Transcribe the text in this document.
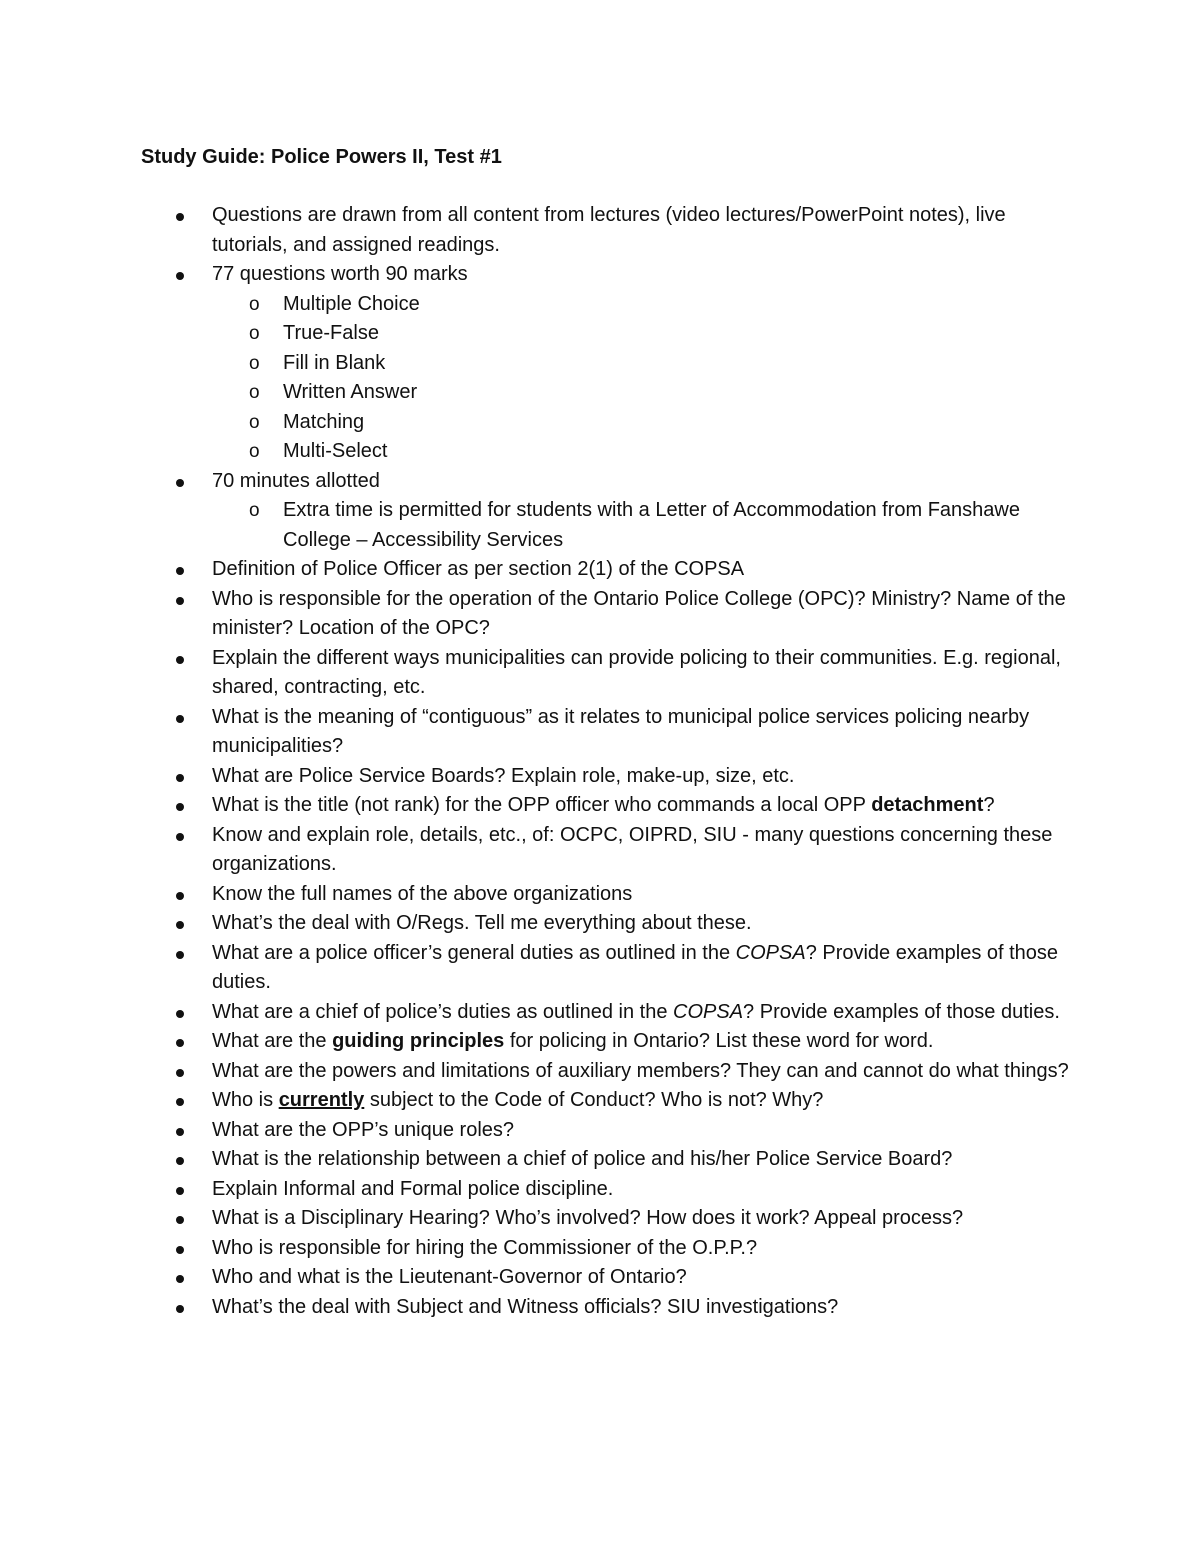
Study Guide: Police Powers II, Test #1
Questions are drawn from all content from lectures (video lectures/PowerPoint notes), live tutorials, and assigned readings.
77 questions worth 90 marks
o Multiple Choice
o True-False
o Fill in Blank
o Written Answer
o Matching
o Multi-Select
70 minutes allotted
o Extra time is permitted for students with a Letter of Accommodation from Fanshawe College – Accessibility Services
Definition of Police Officer as per section 2(1) of the COPSA
Who is responsible for the operation of the Ontario Police College (OPC)? Ministry? Name of the minister? Location of the OPC?
Explain the different ways municipalities can provide policing to their communities. E.g. regional, shared, contracting, etc.
What is the meaning of “contiguous” as it relates to municipal police services policing nearby municipalities?
What are Police Service Boards? Explain role, make-up, size, etc.
What is the title (not rank) for the OPP officer who commands a local OPP detachment?
Know and explain role, details, etc., of: OCPC, OIPRD, SIU - many questions concerning these organizations.
Know the full names of the above organizations
What’s the deal with O/Regs. Tell me everything about these.
What are a police officer’s general duties as outlined in the COPSA? Provide examples of those duties.
What are a chief of police’s duties as outlined in the COPSA? Provide examples of those duties.
What are the guiding principles for policing in Ontario? List these word for word.
What are the powers and limitations of auxiliary members? They can and cannot do what things?
Who is currently subject to the Code of Conduct? Who is not? Why?
What are the OPP’s unique roles?
What is the relationship between a chief of police and his/her Police Service Board?
Explain Informal and Formal police discipline.
What is a Disciplinary Hearing? Who’s involved? How does it work? Appeal process?
Who is responsible for hiring the Commissioner of the O.P.P.?
Who and what is the Lieutenant-Governor of Ontario?
What’s the deal with Subject and Witness officials? SIU investigations?
